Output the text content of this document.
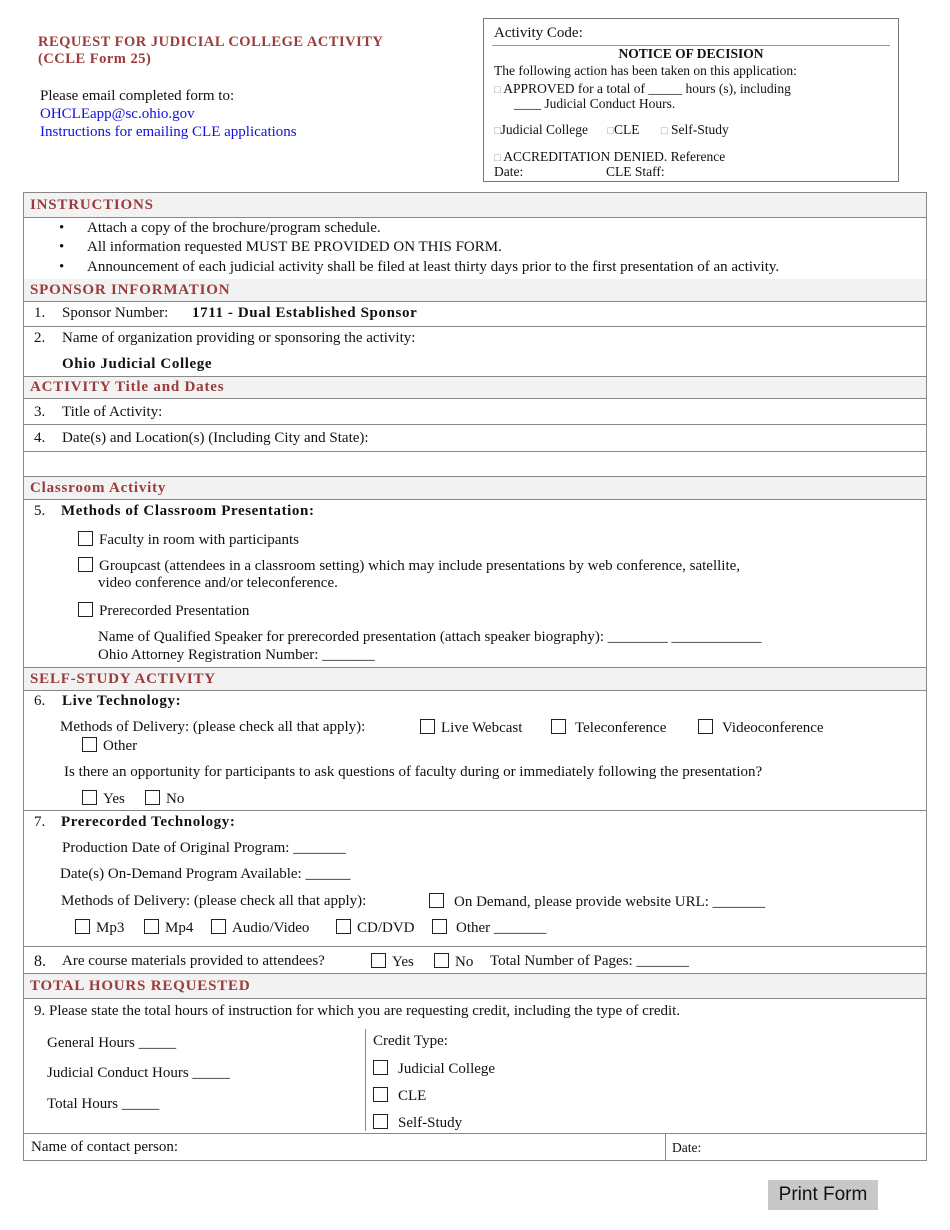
REQUEST FOR JUDICIAL COLLEGE ACTIVITY
(CCLE Form 25)
Please email completed form to:
OHCLEapp@sc.ohio.gov
Instructions for emailing CLE applications
Activity Code:
NOTICE OF DECISION
The following action has been taken on this application:
□ APPROVED for a total of _____ hours (s), including
____ Judicial Conduct Hours.
□Judicial College □CLE □ Self-Study
□ ACCREDITATION DENIED. Reference
Date:	CLE Staff:
INSTRUCTIONS
• Attach a copy of the brochure/program schedule.
• All information requested MUST BE PROVIDED ON THIS FORM.
• Announcement of each judicial activity shall be filed at least thirty days prior to the first presentation of an activity.
SPONSOR INFORMATION
1. Sponsor Number: 1711 - Dual Established Sponsor
2. Name of organization providing or sponsoring the activity:
Ohio Judicial College
ACTIVITY Title and Dates
3. Title of Activity:
4. Date(s) and Location(s) (Including City and State):
Classroom Activity
5. Methods of Classroom Presentation:
Faculty in room with participants
Groupcast (attendees in a classroom setting) which may include presentations by web conference, satellite,
video conference and/or teleconference.
Prerecorded Presentation
Name of Qualified Speaker for prerecorded presentation (attach speaker biography): ________ ____________
Ohio Attorney Registration Number: _______
SELF-STUDY ACTIVITY
6. Live Technology:
Methods of Delivery: (please check all that apply):	Live Webcast	Teleconference	Videoconference
Other
Is there an opportunity for participants to ask questions of faculty during or immediately following the presentation?
Yes	No
7. Prerecorded Technology:
Production Date of Original Program: _______
Date(s) On-Demand Program Available: ______
Methods of Delivery: (please check all that apply):	On Demand, please provide website URL: _______
Mp3	Mp4	Audio/Video	CD/DVD	Other _______
8. Are course materials provided to attendees?	Yes	No Total Number of Pages: _______
TOTAL HOURS REQUESTED
9. Please state the total hours of instruction for which you are requesting credit, including the type of credit.
General Hours _____
Judicial Conduct Hours _____
Total Hours _____
Credit Type:
Judicial College
CLE
Self-Study
Name of contact person:	Date:
Print Form
